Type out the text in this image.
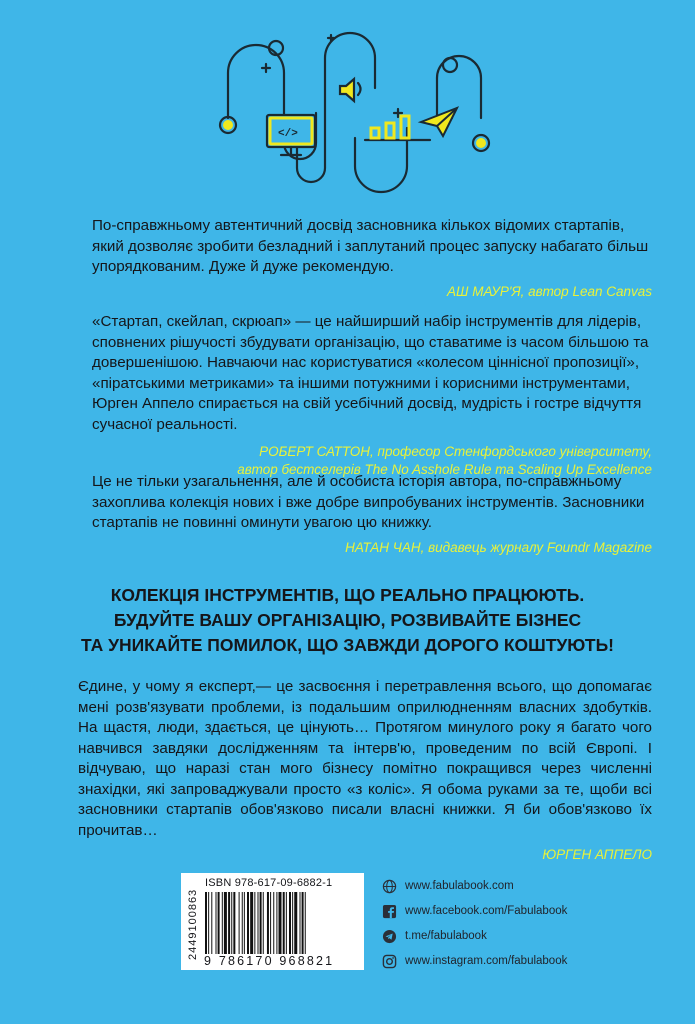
</>

По-справжньому автентичний досвід засновника кількох відомих стартапів, який дозволяє зробити безладний і заплутаний процес запуску набагато більш упорядкованим. Дуже й дуже рекомендую.

АШ МАУР'Я, автор Lean Canvas

«Стартап, скейлап, скрюап» — це найширший набір інструментів для лідерів, сповнених рішучості збудувати організацію, що ставатиме із часом більшою та довершенішою. Навчаючи нас користуватися «колесом ціннісної пропозиції», «піратськими метриками» та іншими потужними і корисними інструментами, Юрген Аппело спирається на свій усебічний досвід, мудрість і гостре відчуття сучасної реальності.

РОБЕРТ САТТОН, професор Стенфордського університету,
автор бестселерів The No Asshole Rule та Scaling Up Excellence

Це не тільки узагальнення, але й особиста історія автора, по-справжньому захоплива колекція нових і вже добре випробуваних інструментів. Засновники стартапів не повинні оминути увагою цю книжку.

НАТАН ЧАН, видавець журналу Foundr Magazine
КОЛЕКЦІЯ ІНСТРУМЕНТІВ, ЩО РЕАЛЬНО ПРАЦЮЮТЬ.
БУДУЙТЕ ВАШУ ОРГАНІЗАЦІЮ, РОЗВИВАЙТЕ БІЗНЕС
ТА УНИКАЙТЕ ПОМИЛОК, ЩО ЗАВЖДИ ДОРОГО КОШТУЮТЬ!

Єдине, у чому я експерт,— це засвоєння і перетравлення всього, що допомагає мені розв'язувати проблеми, із подальшим оприлюдненням власних здобутків. На щастя, люди, здається, це цінують… Протягом минулого року я багато чого навчився завдяки дослідженням та інтерв'ю, проведеним по всій Європі. І відчуваю, що наразі стан мого бізнесу помітно покращився через численні знахідки, які запроваджували просто «з коліс». Я обома руками за те, щоби всі засновники стартапів обов'язково писали власні книжки. Я би обов'язково їх прочитав…

ЮРГЕН АППЕЛО
2449100863
ISBN 978-617-09-6882-1
9 786170 968821
www.fabulabook.com
www.facebook.com/Fabulabook
t.me/fabulabook
www.instagram.com/fabulabook
